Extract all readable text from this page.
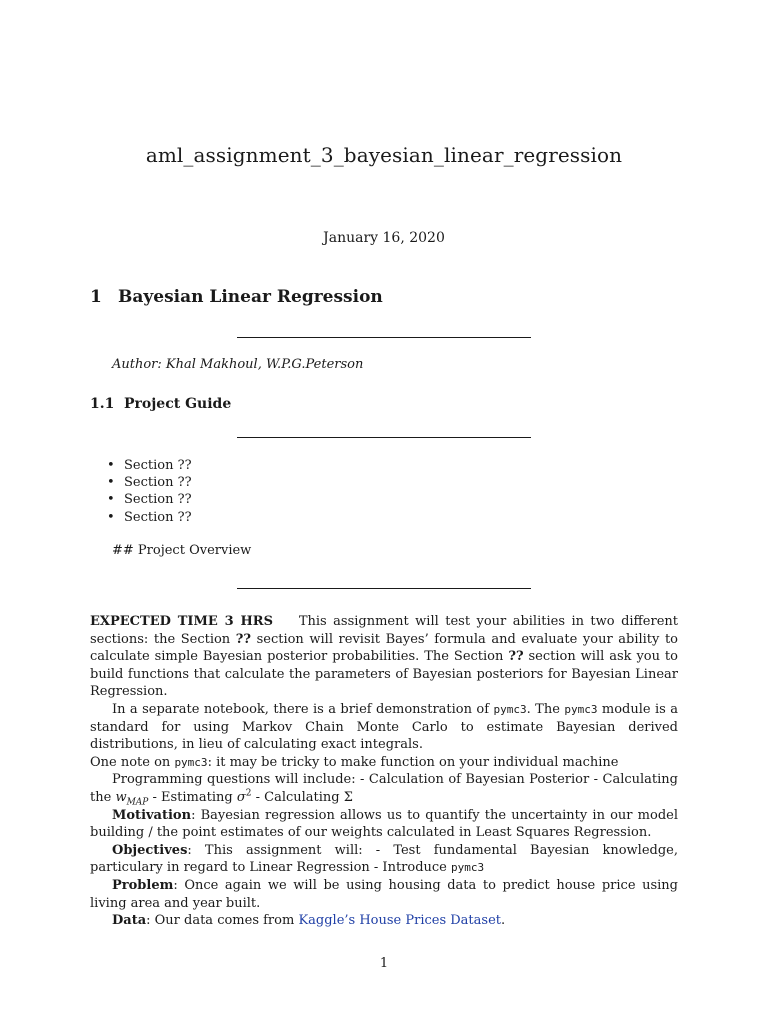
aml_assignment_3_bayesian_linear_regression
January 16, 2020
1 Bayesian Linear Regression
Author: Khal Makhoul, W.P.G.Peterson
1.1 Project Guide
• Section ??
• Section ??
• Section ??
• Section ??
## Project Overview

EXPECTED TIME 3 HRS This assignment will test your abilities in two different sections: the Section ?? section will revisit Bayes’ formula and evaluate your ability to calculate simple Bayesian posterior probabilities. The Section ?? section will ask you to build functions that calculate the parameters of Bayesian posteriors for Bayesian Linear Regression.

In a separate notebook, there is a brief demonstration of pymc3. The pymc3 module is a standard for using Markov Chain Monte Carlo to estimate Bayesian derived distributions, in lieu of calculating exact integrals.

One note on pymc3: it may be tricky to make function on your individual machine

Programming questions will include: - Calculation of Bayesian Posterior - Calculating the $w_{MAP}$ - Estimating $\sigma^2$ - Calculating Σ

Motivation: Bayesian regression allows us to quantify the uncertainty in our model building / the point estimates of our weights calculated in Least Squares Regression.

Objectives: This assignment will: - Test fundamental Bayesian knowledge, particulary in regard to Linear Regression - Introduce pymc3

Problem: Once again we will be using housing data to predict house price using living area and year built.

Data: Our data comes from Kaggle’s House Prices Dataset.

1
